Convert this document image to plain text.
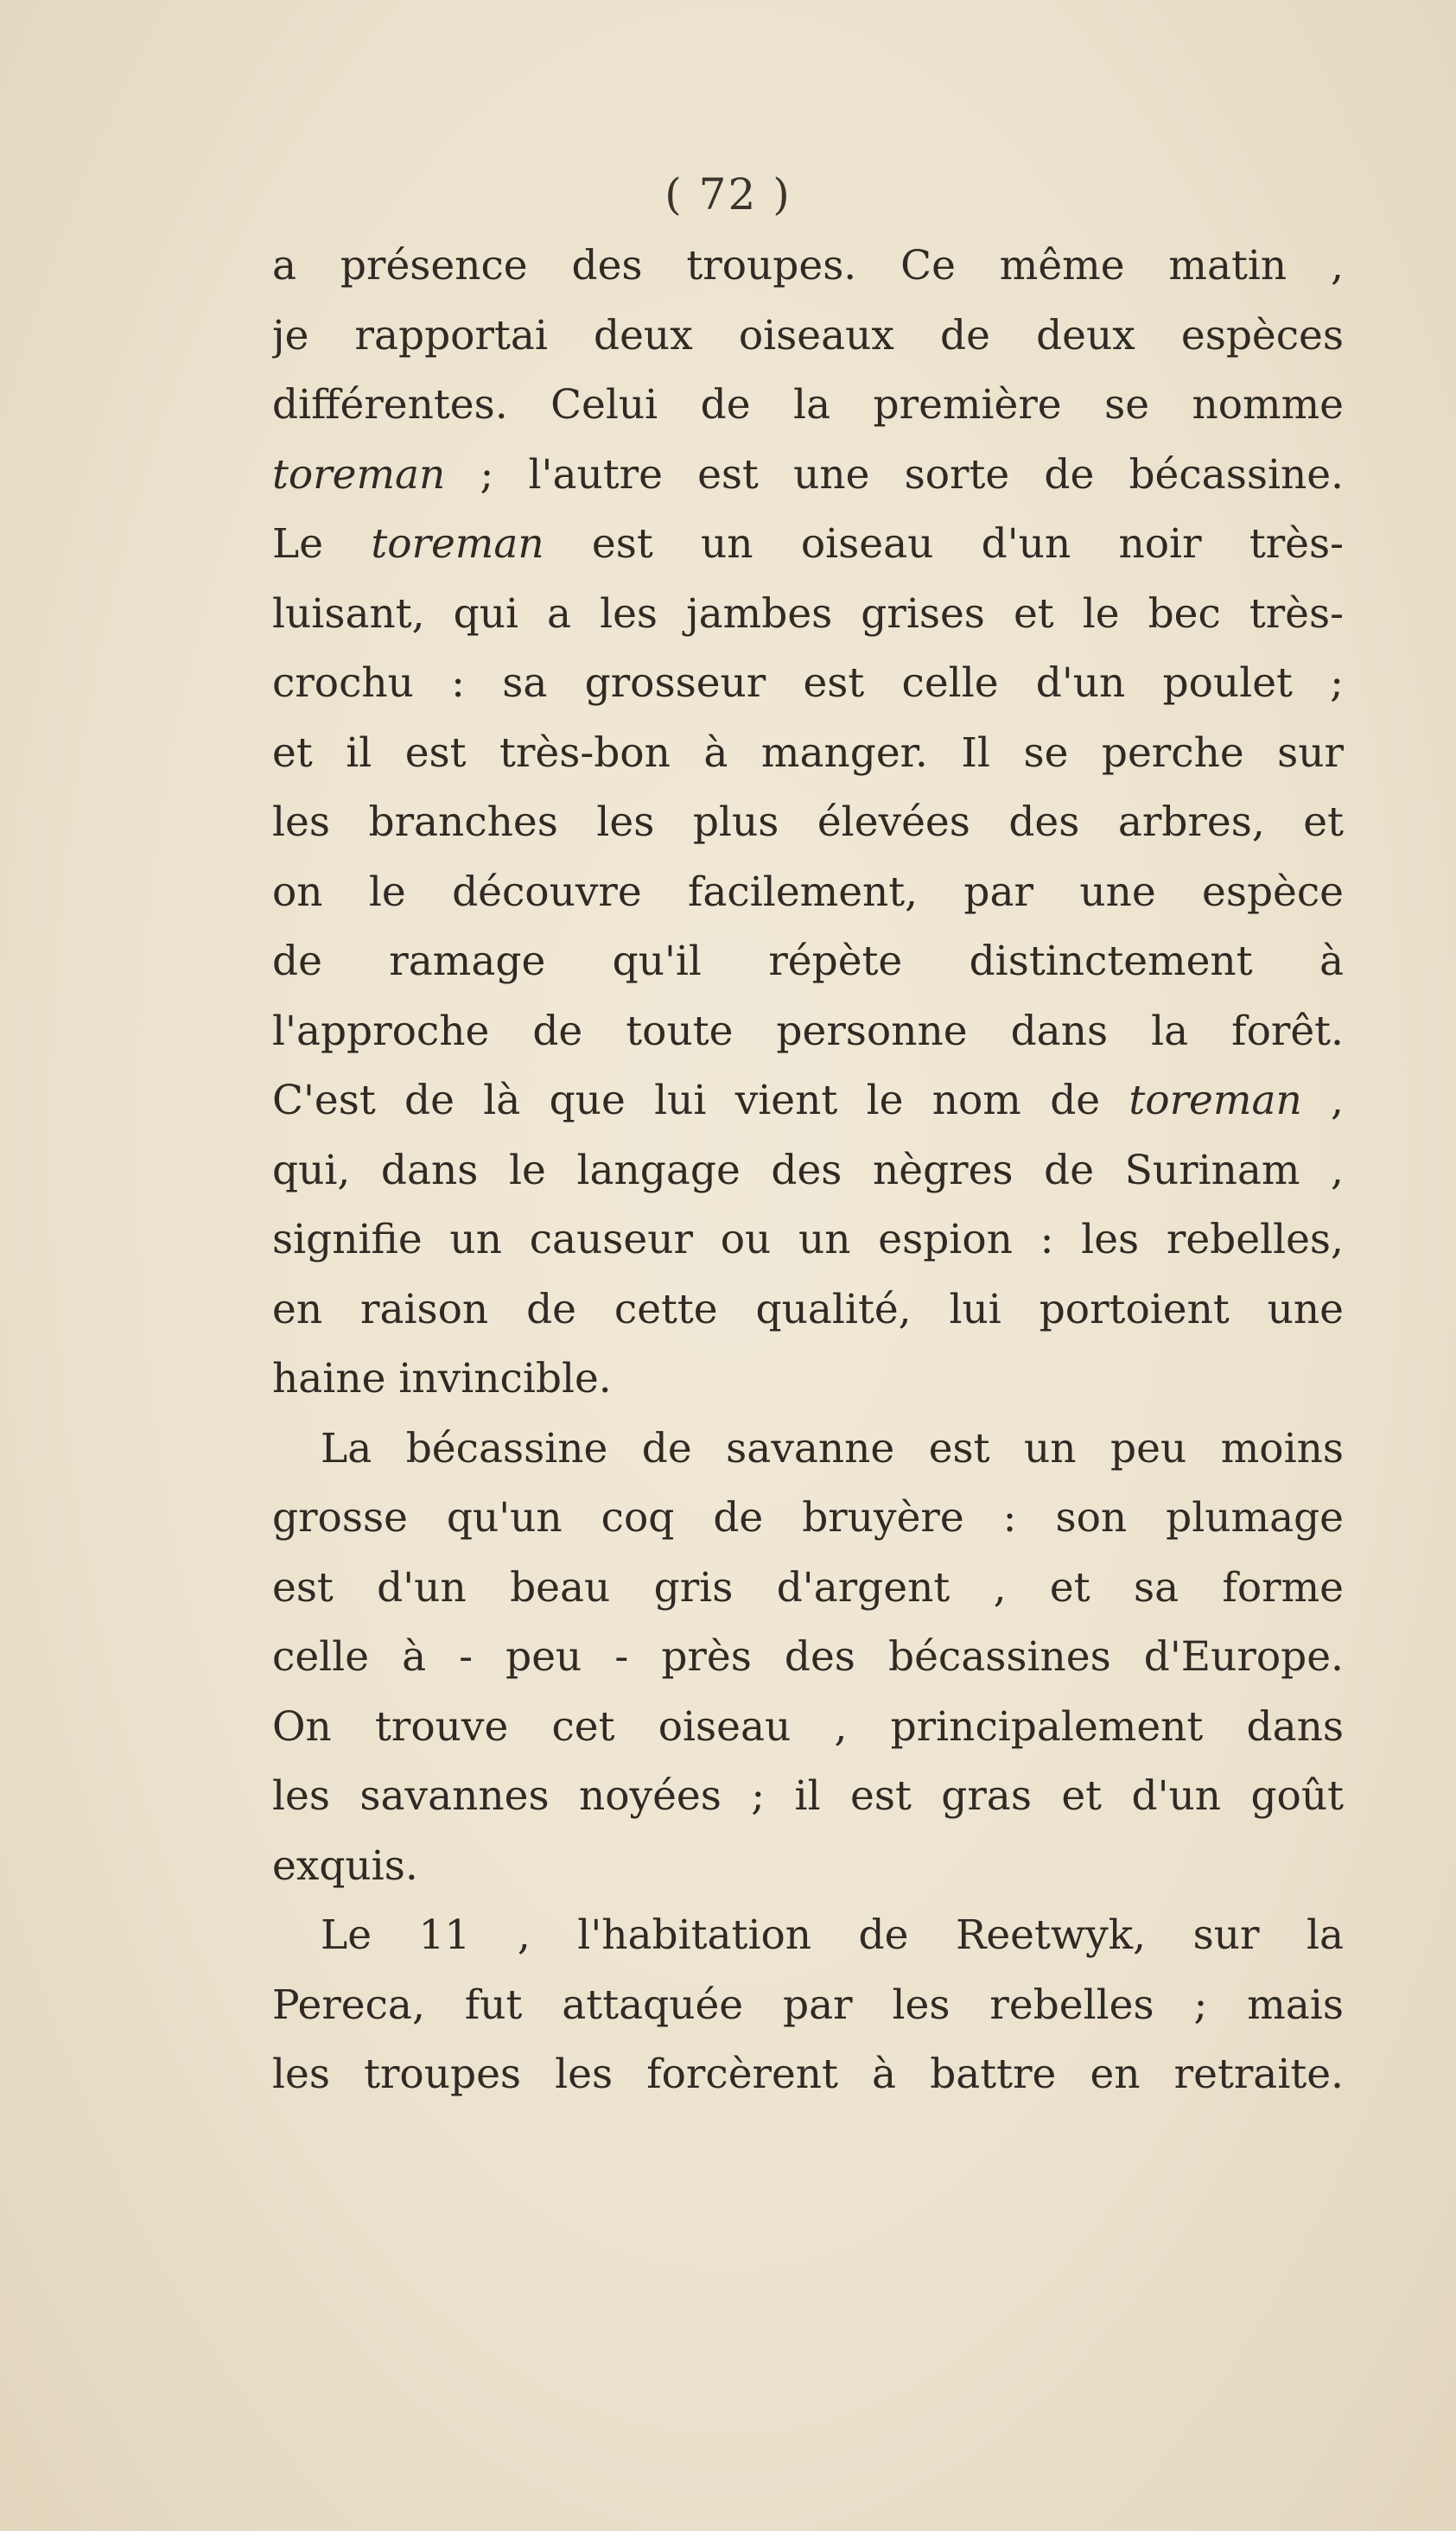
( 72 )
a présence des troupes. Ce même matin ,
je rapportai deux oiseaux de deux espèces
différentes. Celui de la première se nomme
toreman ; l'autre est une sorte de bécassine.
Le toreman est un oiseau d'un noir très-
luisant, qui a les jambes grises et le bec très-
crochu : sa grosseur est celle d'un poulet ;
et il est très-bon à manger. Il se perche sur
les branches les plus élevées des arbres, et
on le découvre facilement, par une espèce
de ramage qu'il répète distinctement à
l'approche de toute personne dans la forêt.
C'est de là que lui vient le nom de toreman ,
qui, dans le langage des nègres de Surinam ,
signifie un causeur ou un espion : les rebelles,
en raison de cette qualité, lui portoient une
haine invincible.
La bécassine de savanne est un peu moins
grosse qu'un coq de bruyère : son plumage
est d'un beau gris d'argent , et sa forme
celle à - peu - près des bécassines d'Europe.
On trouve cet oiseau , principalement dans
les savannes noyées ; il est gras et d'un goût
exquis.
Le 11 , l'habitation de Reetwyk, sur la
Pereca, fut attaquée par les rebelles ; mais
les troupes les forcèrent à battre en retraite.
